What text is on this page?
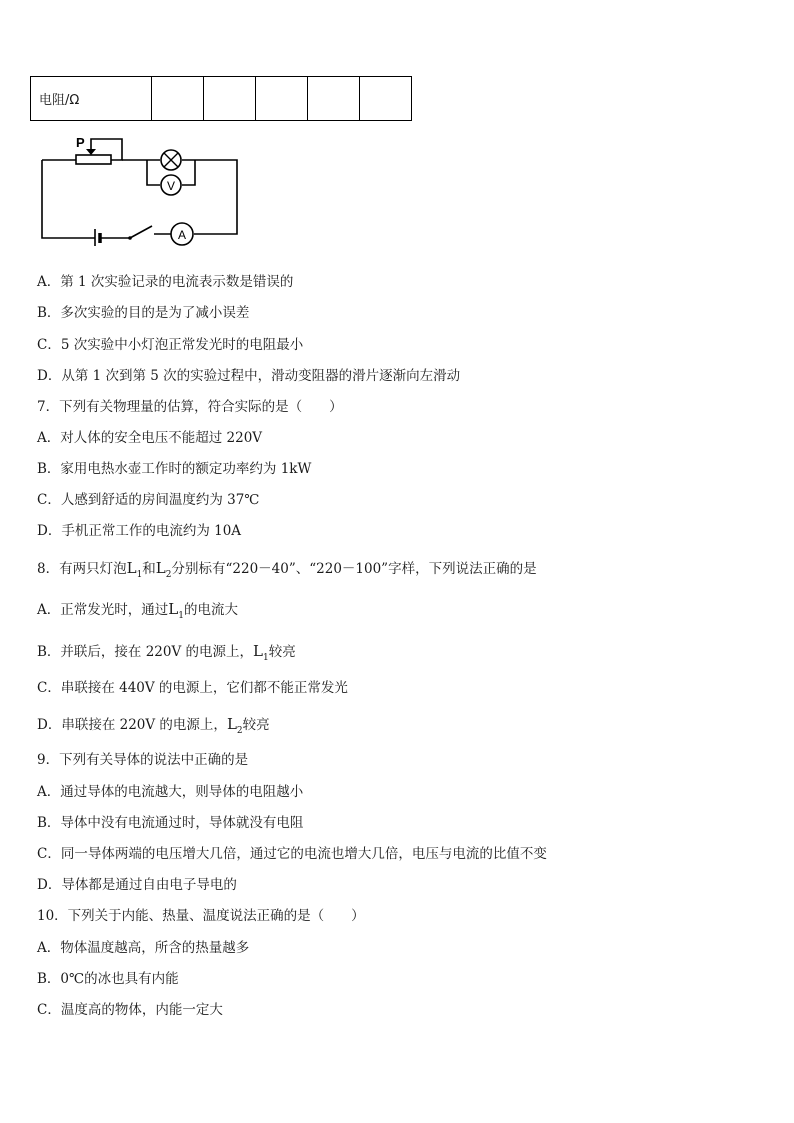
电阻/Ω					
P
V
A
A．第 1 次实验记录的电流表示数是错误的
B．多次实验的目的是为了减小误差
C．5 次实验中小灯泡正常发光时的电阻最小
D．从第 1 次到第 5 次的实验过程中，滑动变阻器的滑片逐渐向左滑动
7．下列有关物理量的估算，符合实际的是（　　）
A．对人体的安全电压不能超过 220V
B．家用电热水壶工作时的额定功率约为 1kW
C．人感到舒适的房间温度约为 37℃
D．手机正常工作的电流约为 10A
8．有两只灯泡$L_1$和$L_2$分别标有“220－40”、“220－100”字样，下列说法正确的是
A．正常发光时，通过$L_1$的电流大
B．并联后，接在 220V 的电源上，$L_1$较亮
C．串联接在 440V 的电源上，它们都不能正常发光
D．串联接在 220V 的电源上，$L_2$较亮
9．下列有关导体的说法中正确的是
A．通过导体的电流越大，则导体的电阻越小
B．导体中没有电流通过时，导体就没有电阻
C．同一导体两端的电压增大几倍，通过它的电流也增大几倍，电压与电流的比值不变
D．导体都是通过自由电子导电的
10．下列关于内能、热量、温度说法正确的是（　　）
A．物体温度越高，所含的热量越多
B．0℃的冰也具有内能
C．温度高的物体，内能一定大
